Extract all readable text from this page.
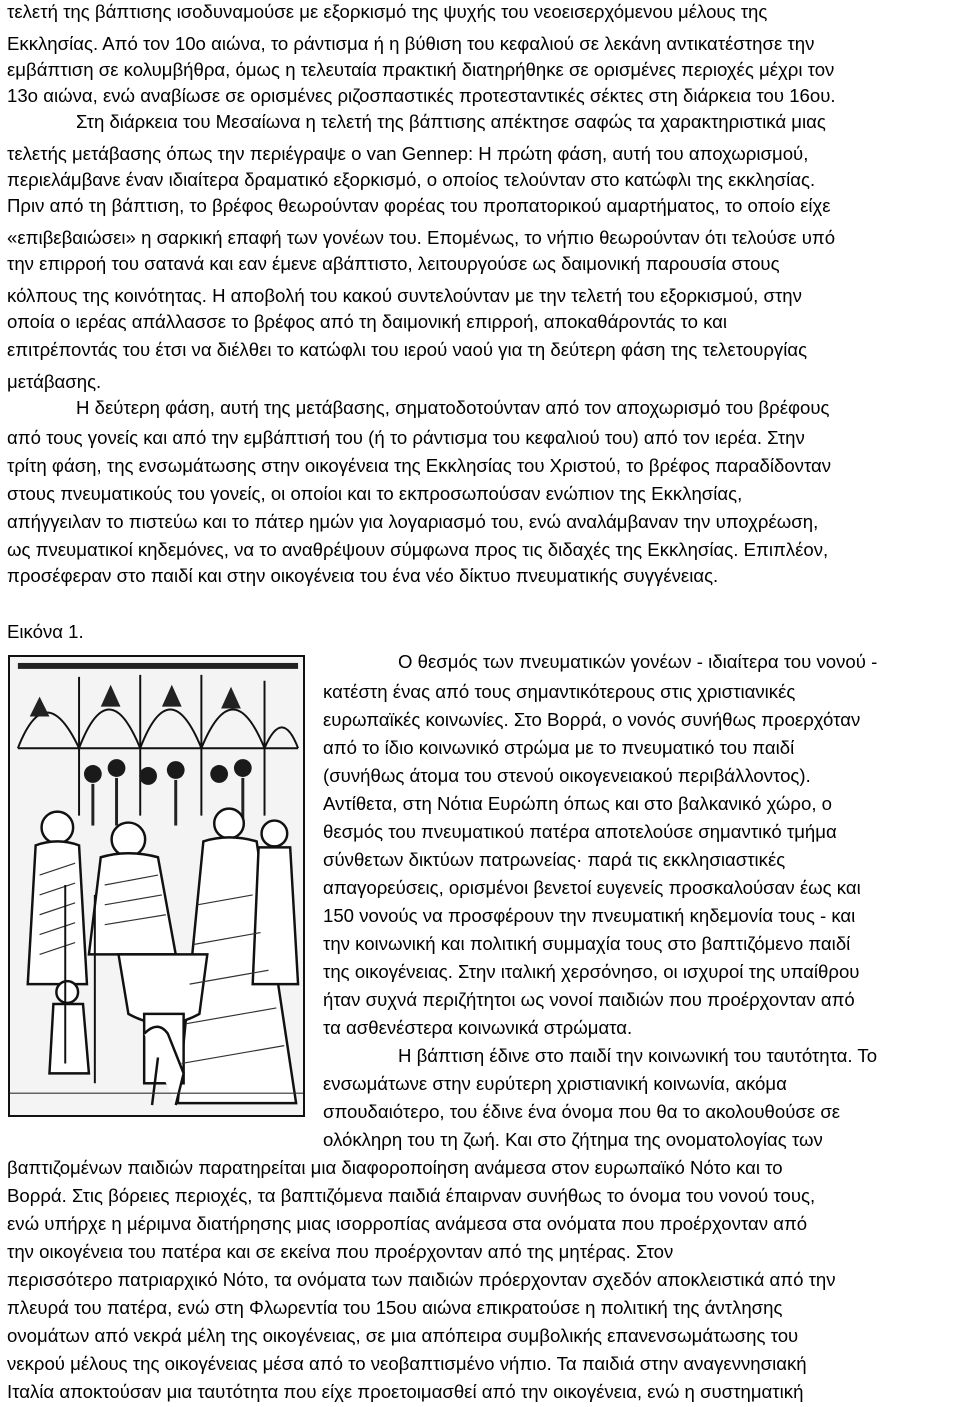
τελετή της βάπτισης ισοδυναμούσε με εξορκισμό της ψυχής του νεοεισερχόμενου μέλους της
Εκκλησίας. Από τον 10ο αιώνα, το ράντισμα ή η βύθιση του κεφαλιού σε λεκάνη αντικατέστησε την
εμβάπτιση σε κολυμβήθρα, όμως η τελευταία πρακτική διατηρήθηκε σε ορισμένες περιοχές μέχρι τον
13ο αιώνα, ενώ αναβίωσε σε ορισμένες ριζοσπαστικές προτεσταντικές σέκτες στη διάρκεια του 16ου.
Στη διάρκεια του Μεσαίωνα η τελετή της βάπτισης απέκτησε σαφώς τα χαρακτηριστικά μιας
τελετής μετάβασης όπως την περιέγραψε ο van Gennep: Η πρώτη φάση, αυτή του αποχωρισμού,
περιελάμβανε έναν ιδιαίτερα δραματικό εξορκισμό, ο οποίος τελούνταν στο κατώφλι της εκκλησίας.
Πριν από τη βάπτιση, το βρέφος θεωρούνταν φορέας του προπατορικού αμαρτήματος, το οποίο είχε
«επιβεβαιώσει» η σαρκική επαφή των γονέων του. Επομένως, το νήπιο θεωρούνταν ότι τελούσε υπό
την επιρροή του σατανά και εαν έμενε αβάπτιστο, λειτουργούσε ως δαιμονική παρουσία στους
κόλπους της κοινότητας. Η αποβολή του κακού συντελούνταν με την τελετή του εξορκισμού, στην
οποία ο ιερέας απάλλασσε το βρέφος από τη δαιμονική επιρροή, αποκαθάροντάς το και
επιτρέποντάς του έτσι να διέλθει το κατώφλι του ιερού ναού για τη δεύτερη φάση της τελετουργίας
μετάβασης.
Η δεύτερη φάση, αυτή της μετάβασης, σηματοδοτούνταν από τον αποχωρισμό του βρέφους
από τους γονείς και από την εμβάπτισή του (ή το ράντισμα του κεφαλιού του) από τον ιερέα. Στην
τρίτη φάση, της ενσωμάτωσης στην οικογένεια της Εκκλησίας του Χριστού, το βρέφος παραδίδονταν
στους πνευματικούς του γονείς, οι οποίοι και το εκπροσωπούσαν ενώπιον της Εκκλησίας,
απήγγειλαν το πιστεύω και το πάτερ ημών για λογαριασμό του, ενώ αναλάμβαναν την υποχρέωση,
ως πνευματικοί κηδεμόνες, να το αναθρέψουν σύμφωνα προς τις διδαχές της Εκκλησίας. Επιπλέον,
προσέφεραν στο παιδί και στην οικογένεια του ένα νέο δίκτυο πνευματικής συγγένειας.
Εικόνα 1.
Ο θεσμός των πνευματικών γονέων - ιδιαίτερα του νονού -
κατέστη ένας από τους σημαντικότερους στις χριστιανικές
ευρωπαϊκές κοινωνίες. Στο Βορρά, ο νονός συνήθως προερχόταν
από το ίδιο κοινωνικό στρώμα με το πνευματικό του παιδί
(συνήθως άτομα του στενού οικογενειακού περιβάλλοντος).
Αντίθετα, στη Νότια Ευρώπη όπως και στο βαλκανικό χώρο, ο
θεσμός του πνευματικού πατέρα αποτελούσε σημαντικό τμήμα
σύνθετων δικτύων πατρωνείας· παρά τις εκκλησιαστικές
απαγορεύσεις, ορισμένοι βενετοί ευγενείς προσκαλούσαν έως και
150 νονούς να προσφέρουν την πνευματική κηδεμονία τους - και
την κοινωνική και πολιτική συμμαχία τους στο βαπτιζόμενο παιδί
της οικογένειας. Στην ιταλική χερσόνησο, οι ισχυροί της υπαίθρου
ήταν συχνά περιζήτητοι ως νονοί παιδιών που προέρχονταν από
τα ασθενέστερα κοινωνικά στρώματα.
Η βάπτιση έδινε στο παιδί την κοινωνική του ταυτότητα. Το
ενσωμάτωνε στην ευρύτερη χριστιανική κοινωνία, ακόμα
σπουδαιότερο, του έδινε ένα όνομα που θα το ακολουθούσε σε
ολόκληρη του τη ζωή. Και στο ζήτημα της ονοματολογίας των
βαπτιζομένων παιδιών παρατηρείται μια διαφοροποίηση ανάμεσα στον ευρωπαϊκό Νότο και το
Βορρά. Στις βόρειες περιοχές, τα βαπτιζόμενα παιδιά έπαιρναν συνήθως το όνομα του νονού τους,
ενώ υπήρχε η μέριμνα διατήρησης μιας ισορροπίας ανάμεσα στα ονόματα που προέρχονταν από
την οικογένεια του πατέρα και σε εκείνα που προέρχονταν από της μητέρας. Στον
περισσότερο πατριαρχικό Νότο, τα ονόματα των παιδιών πρόερχονταν σχεδόν αποκλειστικά από την
πλευρά του πατέρα, ενώ στη Φλωρεντία του 15ου αιώνα επικρατούσε η πολιτική της άντλησης
ονομάτων από νεκρά μέλη της οικογένειας, σε μια απόπειρα συμβολικής επανενσωμάτωσης του
νεκρού μέλους της οικογένειας μέσα από το νεοβαπτισμένο νήπιο. Τα παιδιά στην αναγεννησιακή
Ιταλία αποκτούσαν μια ταυτότητα που είχε προετοιμασθεί από την οικογένεια, ενώ η συστηματική
